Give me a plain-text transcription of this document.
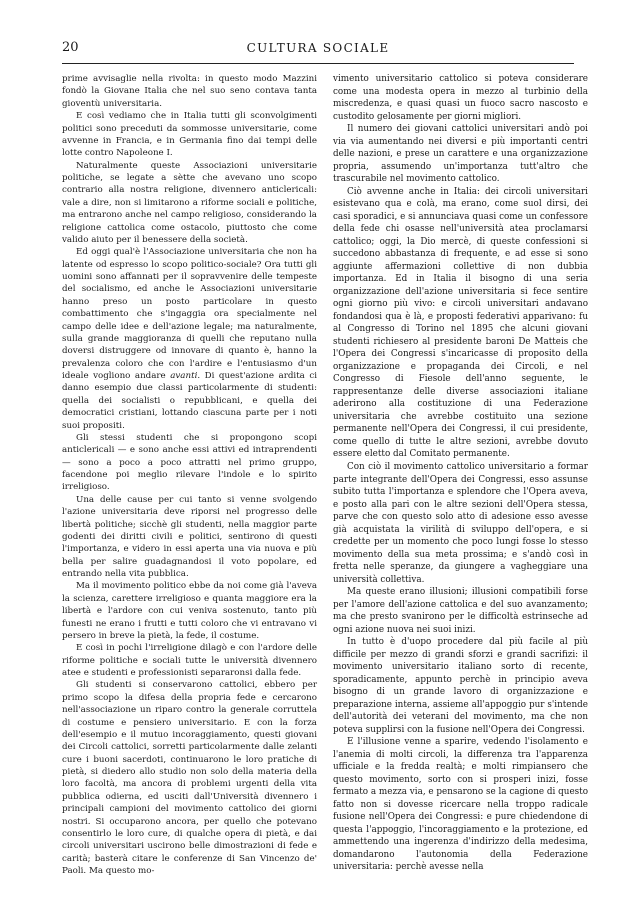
20	CULTURA SOCIALE

prime avvisaglie nella rivolta: in questo modo Mazzini fondò la Giovane Italia che nel suo seno contava tanta gioventù universitaria.

E così vediamo che in Italia tutti gli sconvolgimenti politici sono preceduti da sommosse universitarie, come avvenne in Francia, e in Germania fino dai tempi delle lotte contro Napoleone I.

Naturalmente queste Associazioni universitarie politiche, se legate a sètte che avevano uno scopo contrario alla nostra religione, divennero anticlericali: vale a dire, non si limitarono a riforme sociali e politiche, ma entrarono anche nel campo religioso, considerando la religione cattolica come ostacolo, piuttosto che come valido aiuto per il benessere della società.

Ed oggi qual'è l'Associazione universitaria che non ha latente od espresso lo scopo politico-sociale? Ora tutti gli uomini sono affannati per il sopravvenire delle tempeste del socialismo, ed anche le Associazioni universitarie hanno preso un posto particolare in questo combattimento che s'ingaggia ora specialmente nel campo delle idee e dell'azione legale; ma naturalmente, sulla grande maggioranza di quelli che reputano nulla doversi distruggere od innovare di quanto è, hanno la prevalenza coloro che con l'ardire e l'entusiasmo d'un ideale vogliono andare avanti. Di quest'azione ardita ci danno esempio due classi particolarmente di studenti: quella dei socialisti o repubblicani, e quella dei democratici cristiani, lottando ciascuna parte per i noti suoi propositi.

Gli stessi studenti che si propongono scopi anticlericali — e sono anche essi attivi ed intraprendenti — sono a poco a poco attratti nel primo gruppo, facendone poi meglio rilevare l'indole e lo spirito irreligioso.

Una delle cause per cui tanto si venne svolgendo l'azione universitaria deve riporsi nel progresso delle libertà politiche; sicchè gli studenti, nella maggior parte godenti dei diritti civili e politici, sentirono di questi l'importanza, e videro in essi aperta una via nuova e più bella per salire guadagnandosi il voto popolare, ed entrando nella vita pubblica.

Ma il movimento politico ebbe da noi come già l'aveva la scienza, carettere irreligioso e quanta maggiore era la libertà e l'ardore con cui veniva sostenuto, tanto più funesti ne erano i frutti e tutti coloro che vi entravano vi persero in breve la pietà, la fede, il costume.

E così in pochi l'irreligione dilagò e con l'ardore delle riforme politiche e sociali tutte le università divennero atee e studenti e professionisti separaronsi dalla fede.

Gli studenti si conservarono cattolici, ebbero per primo scopo la difesa della propria fede e cercarono nell'associazione un riparo contro la generale corruttela di costume e pensiero universitario. E con la forza dell'esempio e il mutuo incoraggiamento, questi giovani dei Circoli cattolici, sorretti particolarmente dalle zelanti cure i buoni sacerdoti, continuarono le loro pratiche di pietà, si diedero allo studio non solo della materia della loro facoltà, ma ancora di problemi urgenti della vita pubblica odierna, ed usciti dall'Università divennero i principali campioni del movimento cattolico dei giorni nostri. Si occuparono ancora, per quello che potevano consentirlo le loro cure, di qualche opera di pietà, e dai circoli universitari uscirono belle dimostrazioni di fede e carità; basterà citare le conferenze di San Vincenzo de' Paoli. Ma questo mo-

vimento universitario cattolico si poteva considerare come una modesta opera in mezzo al turbinio della miscredenza, e quasi quasi un fuoco sacro nascosto e custodito gelosamente per giorni migliori.

Il numero dei giovani cattolici universitari andò poi via via aumentando nei diversi e più importanti centri delle nazioni, e prese un carattere e una organizzazione propria, assumendo un'importanza tutt'altro che trascurabile nel movimento cattolico.

Ciò avvenne anche in Italia: dei circoli universitari esistevano qua e colà, ma erano, come suol dirsi, dei casi sporadici, e si annunciava quasi come un confessore della fede chi osasse nell'università atea proclamarsi cattolico; oggi, la Dio mercè, di queste confessioni si succedono abbastanza di frequente, e ad esse si sono aggiunte affermazioni collettive di non dubbia importanza. Ed in Italia il bisogno di una seria organizzazione dell'azione universitaria si fece sentire ogni giorno più vivo: e circoli universitari andavano fondandosi qua è là, e proposti federativi apparivano: fu al Congresso di Torino nel 1895 che alcuni giovani studenti richiesero al presidente baroni De Matteis che l'Opera dei Congressi s'incaricasse di proposito della organizzazione e propaganda dei Circoli, e nel Congresso di Fiesole dell'anno seguente, le rappresentanze delle diverse associazioni italiane aderirono alla costituzione di una Federazione universitaria che avrebbe costituito una sezione permanente nell'Opera dei Congressi, il cui presidente, come quello di tutte le altre sezioni, avrebbe dovuto essere eletto dal Comitato permanente.

Con ciò il movimento cattolico universitario a formar parte integrante dell'Opera dei Congressi, esso assunse subito tutta l'importanza e splendore che l'Opera aveva, e posto alla pari con le altre sezioni dell'Opera stessa, parve che con questo solo atto di adesione esso avesse già acquistata la virilità di sviluppo dell'opera, e si credette per un momento che poco lungi fosse lo stesso movimento della sua meta prossima; e s'andò così in fretta nelle speranze, da giungere a vagheggiare una università collettiva.

Ma queste erano illusioni; illusioni compatibili forse per l'amore dell'azione cattolica e del suo avanzamento; ma che presto svanirono per le difficoltà estrinseche ad ogni azione nuova nei suoi inizi.

In tutto è d'uopo procedere dal più facile al più difficile per mezzo di grandi sforzi e grandi sacrifizi: il movimento universitario italiano sorto di recente, sporadicamente, appunto perchè in principio aveva bisogno di un grande lavoro di organizzazione e preparazione interna, assieme all'appoggio pur s'intende dell'autorità dei veterani del movimento, ma che non poteva supplirsi con la fusione nell'Opera dei Congressi.

E l'illusione venne a sparire, vedendo l'isolamento e l'anemia di molti circoli, la differenza tra l'apparenza ufficiale e la fredda realtà; e molti rimpiansero che questo movimento, sorto con si prosperi inizi, fosse fermato a mezza via, e pensarono se la cagione di questo fatto non si dovesse ricercare nella troppo radicale fusione nell'Opera dei Congressi: e pure chiedendone di questa l'appoggio, l'incoraggiamento e la protezione, ed ammettendo una ingerenza d'indirizzo della medesima, domandarono l'autonomia della Federazione universitaria: perchè avesse nella
